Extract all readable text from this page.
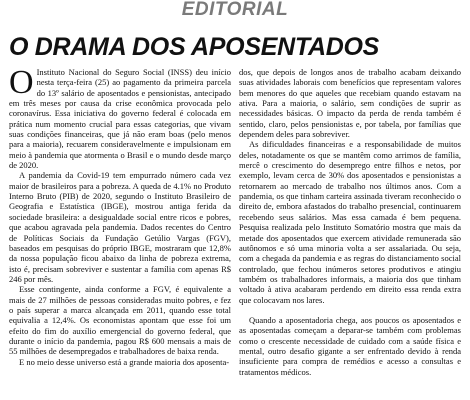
EDITORIAL
O DRAMA DOS APOSENTADOS

O Instituto Nacional do Seguro Social (INSS) deu início nesta terça-feira (25) ao pagamento da primeira parcela do 13º salário de aposentados e pensionistas, antecipado em três meses por causa da crise econômica provocada pelo coronavírus. Essa iniciativa do governo federal é colocada em prática num momento crucial para essas categorias, que vivam suas condições financeiras, que já não eram boas (pelo menos para a maioria), recuarem consideravelmente e impulsionam em meio à pandemia que atormenta o Brasil e o mundo desde março de 2020.

A pandemia da Covid-19 tem empurrado número cada vez maior de brasileiros para a pobreza. A queda de 4.1% no Produto Interno Bruto (PIB) de 2020, segundo o Instituto Brasileiro de Geografia e Estatística (IBGE), mostrou antiga ferida da sociedade brasileira: a desigualdade social entre ricos e pobres, que acabou agravada pela pandemia. Dados recentes do Centro de Políticas Sociais da Fundação Getúlio Vargas (FGV), baseados em pesquisas do próprio IBGE, mostraram que 12,8% da nossa população ficou abaixo da linha de pobreza extrema, isto é, precisam sobreviver e sustentar a família com apenas R$ 246 por mês.

Esse contingente, ainda conforme a FGV, é equivalente a mais de 27 milhões de pessoas consideradas muito pobres, e fez o país superar a marca alcançada em 2011, quando esse total equivalia a 12,4%. Os economistas apontam que esse foi um efeito do fim do auxílio emergencial do governo federal, que durante o início da pandemia, pagou R$ 600 mensais a mais de 55 milhões de desempregados e trabalhadores de baixa renda.

E no meio desse universo está a grande maioria dos aposenta-

dos, que depois de longos anos de trabalho acabam deixando suas atividades laborais com benefícios que representam valores bem menores do que aqueles que recebiam quando estavam na ativa. Para a maioria, o salário, sem condições de suprir as necessidades básicas. O impacto da perda de renda também é sentido, claro, pelos pensionistas e, por tabela, por famílias que dependem deles para sobreviver.

As dificuldades financeiras e a responsabilidade de muitos deles, notadamente os que se mantêm como arrimos de família, mercê o crescimento do desemprego entre filhos e netos, por exemplo, levam cerca de 30% dos aposentados e pensionistas a retornarem ao mercado de trabalho nos últimos anos. Com a pandemia, os que tinham carteira assinada tiveram reconhecido o direito de, embora afastados do trabalho presencial, continuarem recebendo seus salários. Mas essa camada é bem pequena. Pesquisa realizada pelo Instituto Somatório mostra que mais da metade dos aposentados que exercem atividade remunerada são autônomos e só uma minoria volta a ser assalariada. Ou seja, com a chegada da pandemia e as regras do distanciamento social controlado, que fechou inúmeros setores produtivos e atingiu também os trabalhadores informais, a maioria dos que tinham voltado à ativa acabaram perdendo em direito essa renda extra que colocavam nos lares.

Quando a aposentadoria chega, aos poucos os aposentados e as aposentadas começam a deparar-se também com problemas como o crescente necessidade de cuidado com a saúde física e mental, outro desafio gigante a ser enfrentado devido à renda insuficiente para compra de remédios e acesso a consultas e tratamentos médicos.
